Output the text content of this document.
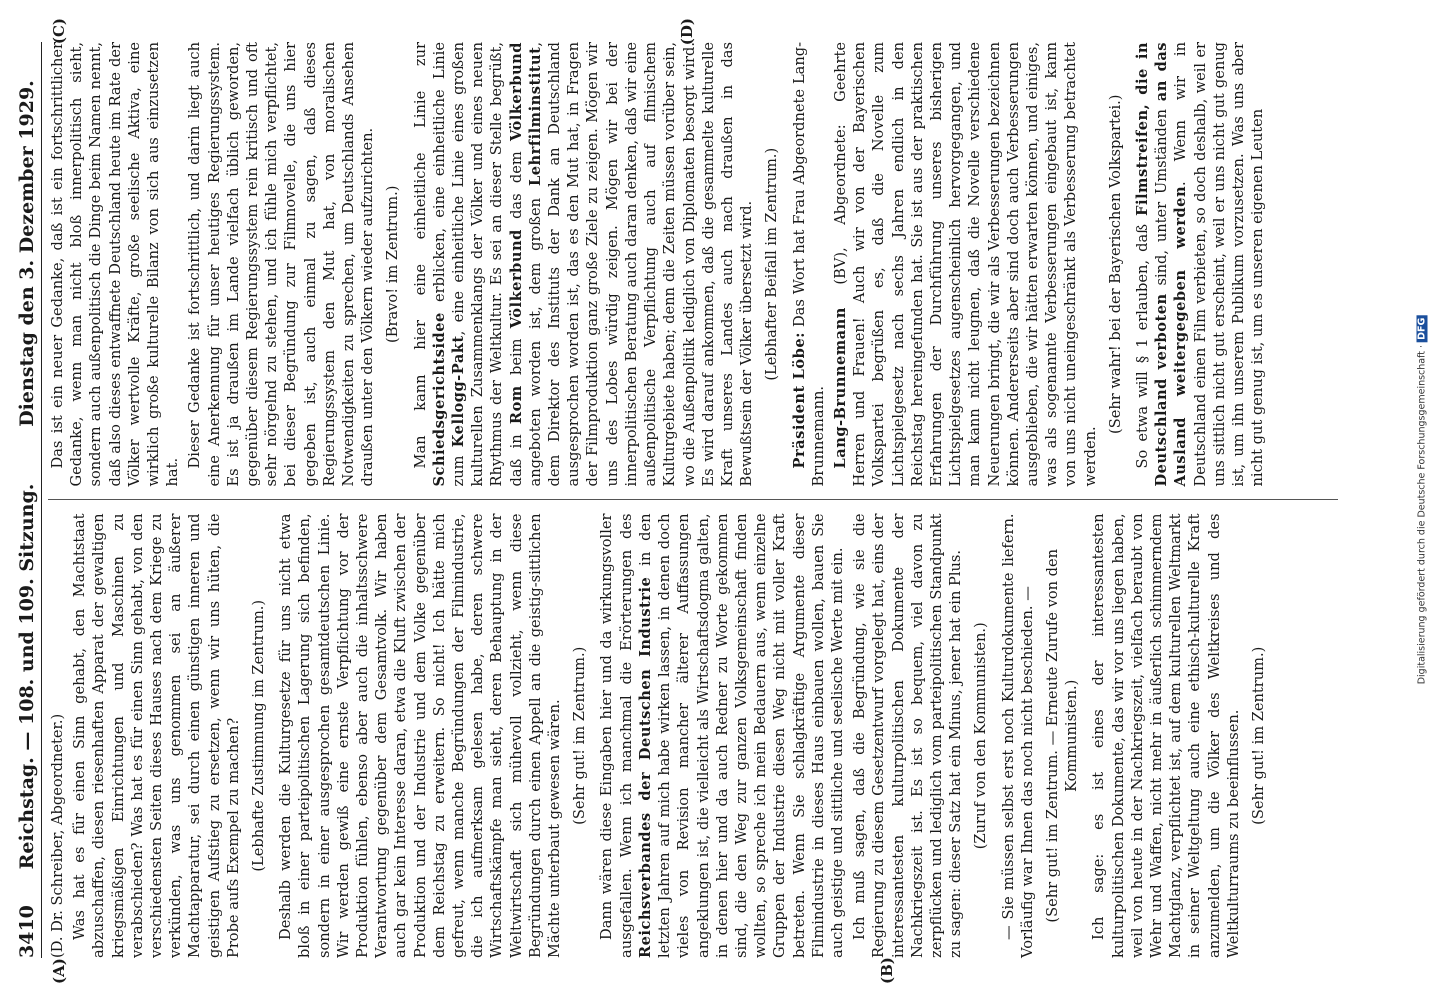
3410
Reichstag. — 108. und 109. Sitzung.
Dienstag den 3. Dezember 1929.
(A)	(B)

(D. Dr. Schreiber, Abgeordneter.) Was hat es für einen Sinn gehabt, den Machtstaat abzuschaffen, diesen riesenhaften Apparat der gewaltigen kriegsmäßigen Einrichtungen und Maschinen zu verabschieden? Was hat es für einen Sinn gehabt, von den verschiedensten Seiten dieses Hauses nach dem Kriege zu verkünden, was uns genommen sei an äußerer Machtapparatur, sei durch einen günstigen inneren und geistigen Aufstieg zu ersetzen, wenn wir uns hüten, die Probe aufs Exempel zu machen? (Lebhafte Zustimmung im Zentrum.) Deshalb werden die Kulturgesetze für uns nicht etwa bloß in einer parteipolitischen Lagerung sich befinden, sondern in einer ausgesprochen gesamtdeutschen Linie. Wir werden gewiß eine ernste Verpflichtung vor der Produktion fühlen, ebenso aber auch die inhaltsschwere Verantwortung gegenüber dem Gesamtvolk. Wir haben auch gar kein Interesse daran, etwa die Kluft zwischen der Produktion und der Industrie und dem Volke gegenüber dem Reichstag zu erweitern. So nicht! Ich hätte mich gefreut, wenn manche Begründungen der Filmindustrie, die ich aufmerksam gelesen habe, deren schwere Wirtschaftskämpfe man sieht, deren Behauptung in der Weltwirtschaft sich mühevoll vollzieht, wenn diese Begründungen durch einen Appell an die geistig-sittlichen Mächte unterbaut gewesen wären. (Sehr gut! im Zentrum.) Dann wären diese Eingaben hier und da wirkungsvoller ausgefallen. Wenn ich manchmal die Erörterungen des Reichsverbandes der Deutschen Industrie in den letzten Jahren auf mich habe wirken lassen, in denen doch vieles von Revision mancher älterer Auffassungen angeklungen ist, die vielleicht als Wirtschaftsdogma galten, in denen hier und da auch Redner zu Worte gekommen sind, die den Weg zur ganzen Volksgemeinschaft finden wollten, so spreche ich mein Bedauern aus, wenn einzelne Gruppen der Industrie diesen Weg nicht mit voller Kraft betreten. Wenn Sie schlagkräftige Argumente dieser Filmindustrie in dieses Haus einbauen wollen, bauen Sie auch geistige und sittliche und seelische Werte mit ein. Ich muß sagen, daß die Begründung, wie sie die Regierung zu diesem Gesetzentwurf vorgelegt hat, eins der interessantesten kulturpolitischen Dokumente der Nachkriegszeit ist. Es ist so bequem, viel davon zu zerpflücken und lediglich vom parteipolitischen Standpunkt zu sagen: dieser Satz hat ein Minus, jener hat ein Plus. (Zuruf von den Kommunisten.) — Sie müssen selbst erst noch Kulturdokumente liefern. Vorläufig war Ihnen das noch nicht beschieden. — (Sehr gut! im Zentrum. — Erneute Zurufe von den Kommunisten.) Ich sage: es ist eines der interessantesten kulturpolitischen Dokumente, das wir vor uns liegen haben, weil von heute in der Nachkriegszeit, vielfach beraubt von Wehr und Waffen, nicht mehr in äußerlich schimmerndem Machtglanz, verpflichtet ist, auf dem kulturellen Weltmarkt in seiner Weltgeltung auch eine ethisch-kulturelle Kraft anzumelden, um die Völker des Weltkreises und des Weltkulturraums zu beeinflussen. (Sehr gut! im Zentrum.)

(C)	(D)

Das ist ein neuer Gedanke, daß ist ein fortschrittlicher Gedanke, wenn man nicht bloß innerpolitisch sieht, sondern auch außenpolitisch die Dinge beim Namen nennt, daß also dieses entwaffnete Deutschland heute im Rate der Völker wertvolle Kräfte, große seelische Aktiva, eine wirklich große kulturelle Bilanz von sich aus einzusetzen hat.

Dieser Gedanke ist fortschrittlich, und darin liegt auch eine Anerkennung für unser heutiges Regierungssystem. Es ist ja draußen im Lande vielfach üblich geworden, gegenüber diesem Regierungssystem rein kritisch und oft sehr nörgelnd zu stehen, und ich fühle mich verpflichtet, bei dieser Begründung zur Filmnovelle, die uns hier gegeben ist, auch einmal zu sagen, daß dieses Regierungssystem den Mut hat, von moralischen Notwendigkeiten zu sprechen, um Deutschlands Ansehen draußen unter den Völkern wieder aufzurichten. (Bravo! im Zentrum.) Man kann hier eine einheitliche Linie zur Schiedsgerichtsidee erblicken, eine einheitliche Linie zum Kellogg-Pakt, eine einheitliche Linie eines großen kulturellen Zusammenklangs der Völker und eines neuen Rhythmus der Weltkultur. Es sei an dieser Stelle begrüßt, daß in Rom beim Völkerbund das dem Völkerbund angeboten worden ist, dem großen Lehrfilminstitut, dem Direktor des Instituts der Dank an Deutschland ausgesprochen worden ist, das es den Mut hat, in Fragen der Filmproduktion ganz große Ziele zu zeigen. Mögen wir uns des Lobes würdig zeigen. Mögen wir bei der innerpolitischen Beratung auch daran denken, daß wir eine außenpolitische Verpflichtung auch auf filmischem Kulturgebiete haben; denn die Zeiten müssen vorüber sein, wo die Außenpolitik lediglich von Diplomaten besorgt wird. Es wird darauf ankommen, daß die gesammelte kulturelle Kraft unseres Landes auch nach draußen in das Bewußtsein der Völker übersetzt wird. (Lebhafter Beifall im Zentrum.)

Präsident Löbe: Das Wort hat Frau Abgeordnete Lang-Brunnemann. Lang-Brunnemann (BV), Abgeordnete: Geehrte Herren und Frauen! Auch wir von der Bayerischen Volkspartei begrüßen es, daß die Novelle zum Lichtspielgesetz nach sechs Jahren endlich in den Reichstag hereingefunden hat. Sie ist aus der praktischen Erfahrungen der Durchführung unseres bisherigen Lichtspielgesetzes augenscheinlich hervorgegangen, und man kann nicht leugnen, daß die Novelle verschiedene Neuerungen bringt, die wir als Verbesserungen bezeichnen können. Andererseits aber sind doch auch Verbesserungen ausgeblieben, die wir hätten erwarten können, und einiges, was als sogenannte Verbesserungen eingebaut ist, kann von uns nicht uneingeschränkt als Verbesserung betrachtet werden.

(Sehr wahr! bei der Bayerischen Volkspartei.) So etwa will § 1 erlauben, daß Filmstreifen, die in Deutschland verboten sind, unter Umständen an das Ausland weitergegeben werden. Wenn wir in Deutschland einen Film verbieten, so doch deshalb, weil er uns sittlich nicht gut erscheint, weil er uns nicht gut genug ist, um ihn unserem Publikum vorzusetzen. Was uns aber nicht gut genug ist, um es unseren eigenen Leuten

Digitalisierung gefördert durch die Deutsche Forschungsgemeinschaft · DFG
